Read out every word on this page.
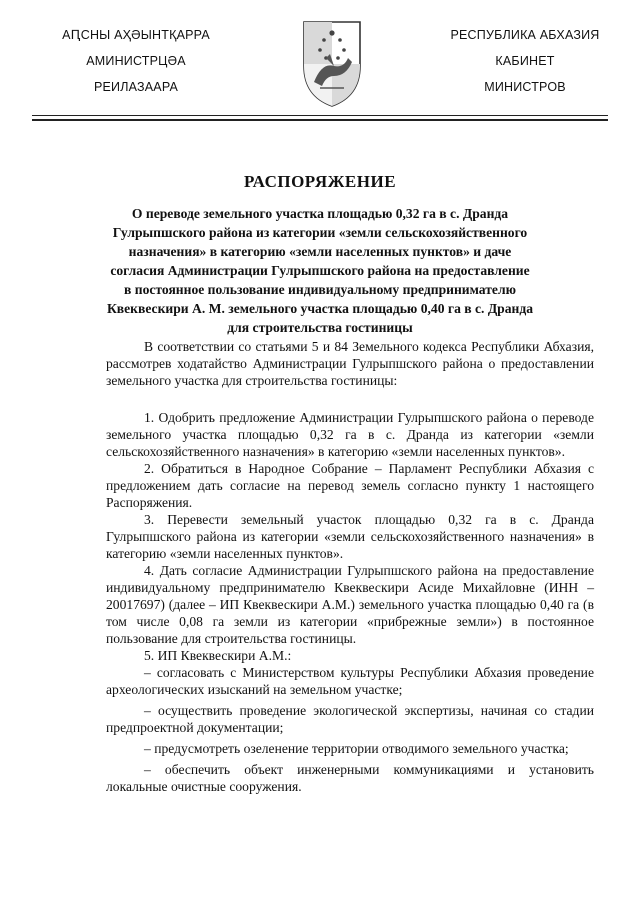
АԤСНЫ АҲӘЫНТҚАРРА
АМИНИСТРЦӘА
РЕИЛАЗААРА
РЕСПУБЛИКА АБХАЗИЯ
КАБИНЕТ
МИНИСТРОВ
РАСПОРЯЖЕНИЕ
О переводе земельного участка площадью 0,32 га в с. Дранда Гулрыпшского района из категории «земли сельскохозяйственного назначения» в категорию «земли населенных пунктов» и даче согласия Администрации Гулрыпшского района на предоставление в постоянное пользование индивидуальному предпринимателю Квеквескири А. М. земельного участка площадью 0,40 га в с. Дранда для строительства гостиницы

В соответствии со статьями 5 и 84 Земельного кодекса Республики Абхазия, рассмотрев ходатайство Администрации Гулрыпшского района о предоставлении земельного участка для строительства гостиницы:

1. Одобрить предложение Администрации Гулрыпшского района о переводе земельного участка площадью 0,32 га в с. Дранда из категории «земли сельскохозяйственного назначения» в категорию «земли населенных пунктов».

2. Обратиться в Народное Собрание – Парламент Республики Абхазия с предложением дать согласие на перевод земель согласно пункту 1 настоящего Распоряжения.

3. Перевести земельный участок площадью 0,32 га в с. Дранда Гулрыпшского района из категории «земли сельскохозяйственного назначения» в категорию «земли населенных пунктов».

4. Дать согласие Администрации Гулрыпшского района на предоставление индивидуальному предпринимателю Квеквескири Асиде Михайловне (ИНН – 20017697) (далее – ИП Квеквескири А.М.) земельного участка площадью 0,40 га (в том числе 0,08 га земли из категории «прибрежные земли») в постоянное пользование для строительства гостиницы.

5. ИП Квеквескири А.М.:

– согласовать с Министерством культуры Республики Абхазия проведение археологических изысканий на земельном участке;

– осуществить проведение экологической экспертизы, начиная со стадии предпроектной документации;

– предусмотреть озеленение территории отводимого земельного участка;

– обеспечить объект инженерными коммуникациями и установить локальные очистные сооружения.
